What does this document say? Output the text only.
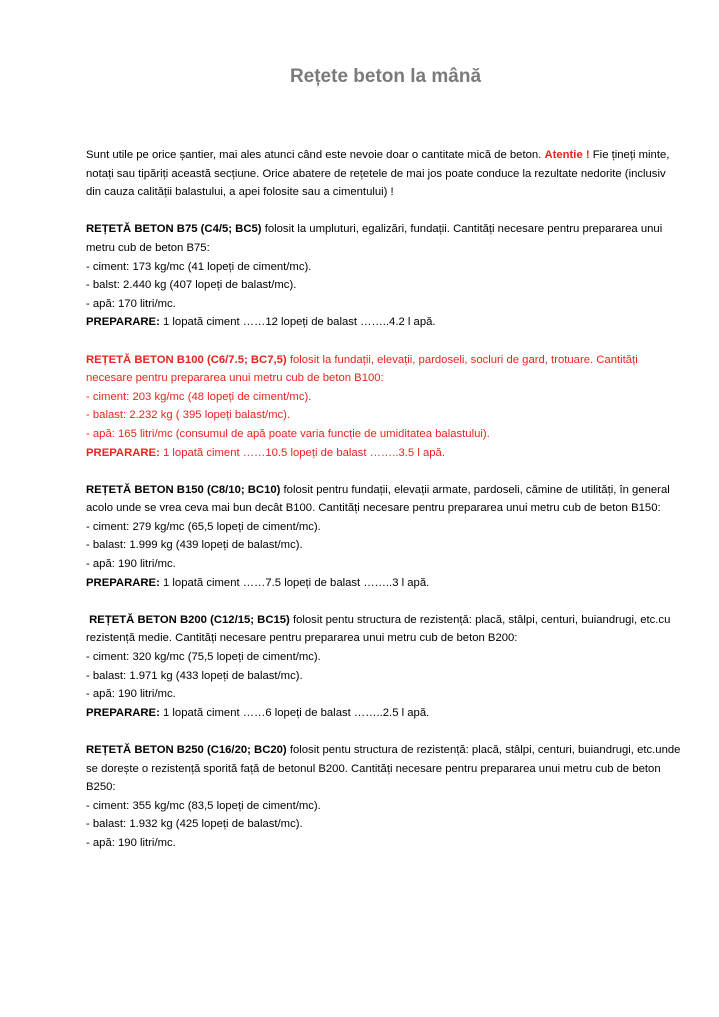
Rețete beton la mână

Sunt utile pe orice șantier, mai ales atunci când este nevoie doar o cantitate mică de beton. Atentie ! Fie țineți minte, notați sau tipăriți această secțiune. Orice abatere de rețetele de mai jos poate conduce la rezultate nedorite (inclusiv din cauza calității balastului, a apei folosite sau a cimentului) !

REȚETĂ BETON B75 (C4/5; BC5) folosit la umpluturi, egalizări, fundații. Cantități necesare pentru prepararea unui metru cub de beton B75:

- ciment: 173 kg/mc (41 lopeți de ciment/mc).

- balst: 2.440 kg (407 lopeți de balast/mc).

- apă: 170 litri/mc.

PREPARARE: 1 lopată ciment ……12 lopeți de balast ……..4.2 l apă.

REȚETĂ BETON B100 (C6/7.5; BC7,5) folosit la fundații, elevații, pardoseli, socluri de gard, trotuare. Cantități necesare pentru prepararea unui metru cub de beton B100:

- ciment: 203 kg/mc (48 lopeți de ciment/mc).

- balast: 2.232 kg ( 395 lopeți balast/mc).

- apă: 165 litri/mc (consumul de apă poate varia funcție de umiditatea balastului).

PREPARARE: 1 lopată ciment ……10.5 lopeți de balast ……..3.5 l apă.

REȚETĂ BETON B150 (C8/10; BC10) folosit pentru fundații, elevații armate, pardoseli, cămine de utilități, în general acolo unde se vrea ceva mai bun decât B100. Cantități necesare pentru prepararea unui metru cub de beton B150:

- ciment: 279 kg/mc (65,5 lopeți de ciment/mc).

- balast: 1.999 kg (439 lopeți de balast/mc).

- apă: 190 litri/mc.

PREPARARE: 1 lopată ciment ……7.5 lopeți de balast ……..3 l apă.

REȚETĂ BETON B200 (C12/15; BC15) folosit pentu structura de rezistență: placă, stâlpi, centuri, buiandrugi, etc.cu rezistență medie. Cantități necesare pentru prepararea unui metru cub de beton B200:

- ciment: 320 kg/mc (75,5 lopeți de ciment/mc).

- balast: 1.971 kg (433 lopeți de balast/mc).

- apă: 190 litri/mc.

PREPARARE: 1 lopată ciment ……6 lopeți de balast ……..2.5 l apă.

REȚETĂ BETON B250 (C16/20; BC20) folosit pentu structura de rezistență: placă, stâlpi, centuri, buiandrugi, etc.unde se dorește o rezistență sporită față de betonul B200. Cantități necesare pentru prepararea unui metru cub de beton B250:

- ciment: 355 kg/mc (83,5 lopeți de ciment/mc).

- balast: 1.932 kg (425 lopeți de balast/mc).

- apă: 190 litri/mc.
